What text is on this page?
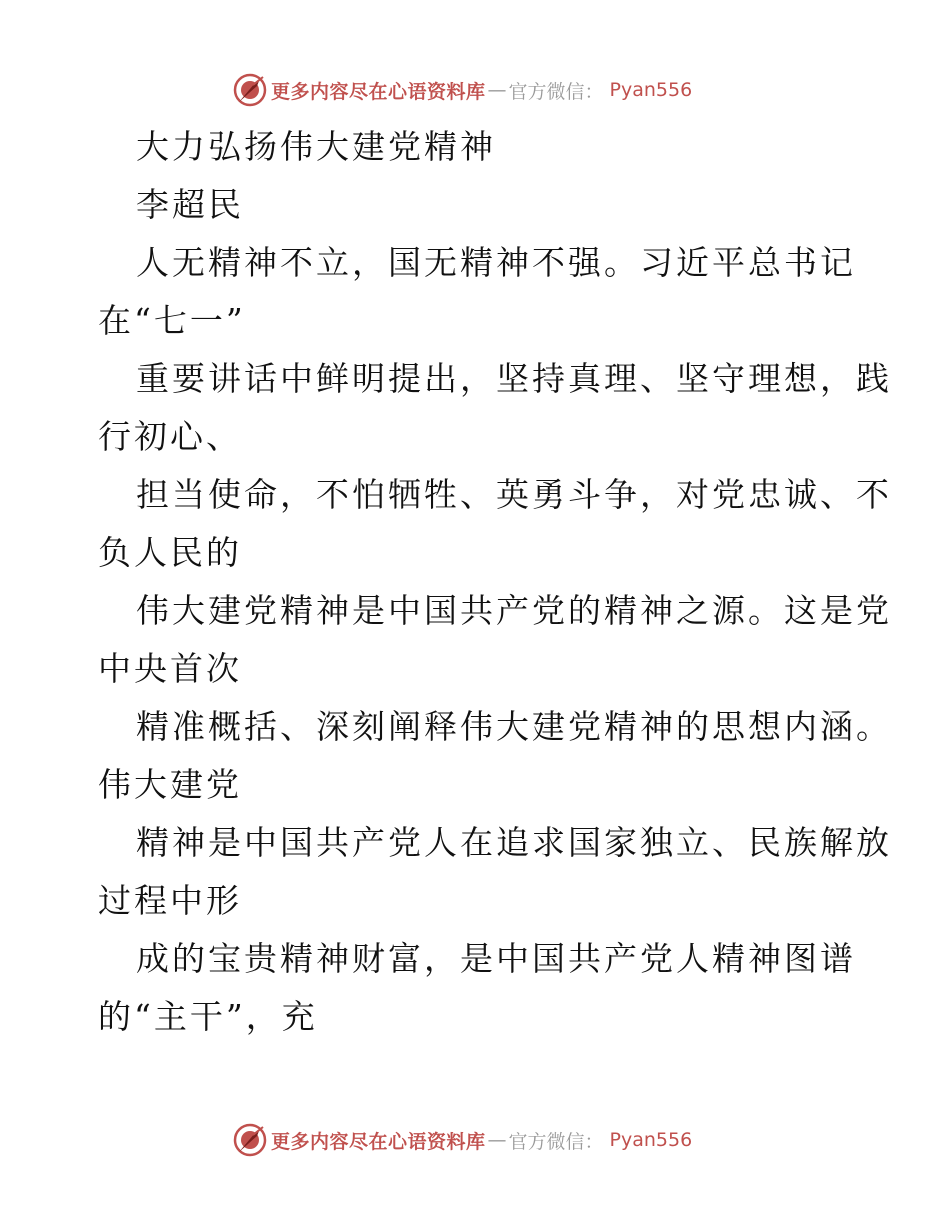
更多内容尽在心语资料库 — 官方微信 ： Pyan556
大力弘扬伟大建党精神
李超民
人无精神不立，国无精神不强。习近平总书记
在“七一”
重要讲话中鲜明提出，坚持真理、坚守理想，践
行初心、
担当使命，不怕牺牲、英勇斗争，对党忠诚、不
负人民的
伟大建党精神是中国共产党的精神之源。这是党
中央首次
精准概括、深刻阐释伟大建党精神的思想内涵。
伟大建党
精神是中国共产党人在追求国家独立、民族解放
过程中形
成的宝贵精神财富，是中国共产党人精神图谱
的“主干”，充
更多内容尽在心语资料库 — 官方微信 ： Pyan556
